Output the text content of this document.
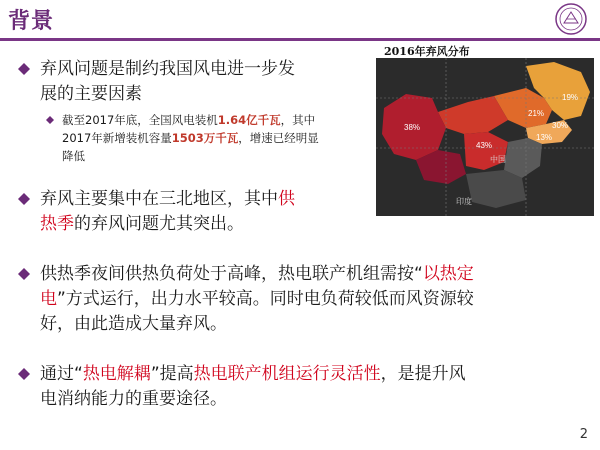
背景
2016年弃风分布
38%
19%
21%
30%
43%
13%
中国
印度
弃风问题是制约我国风电进一步发
展的主要因素
截至2017年底，全国风电装机1.64亿千瓦，其中
2017年新增装机容量1503万千瓦，增速已经明显
降低
弃风主要集中在三北地区，其中供
热季的弃风问题尤其突出。
供热季夜间供热负荷处于高峰，热电联产机组需按“以热定
电”方式运行，出力水平较高。同时电负荷较低而风资源较
好，由此造成大量弃风。
通过“热电解耦”提高热电联产机组运行灵活性，是提升风
电消纳能力的重要途径。
2
